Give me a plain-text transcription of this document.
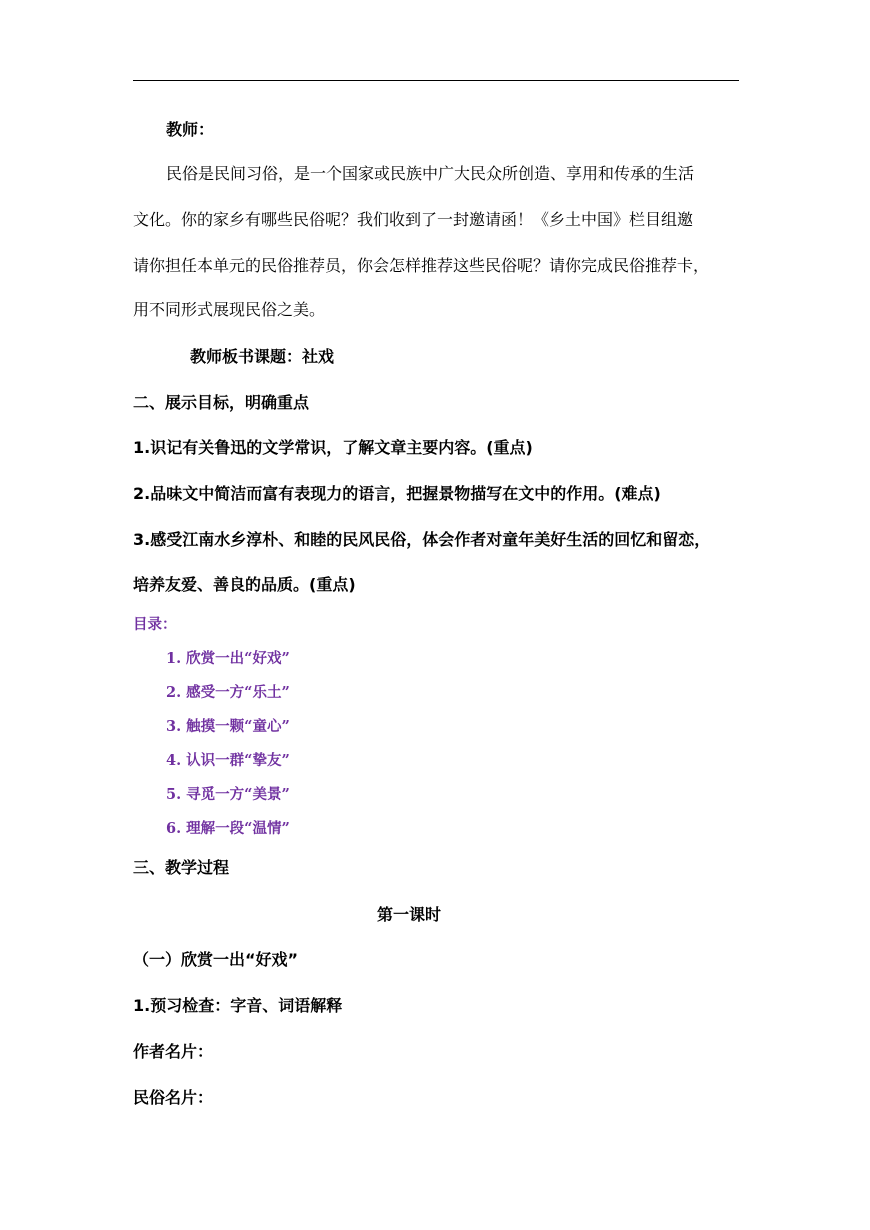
教师：
民俗是民间习俗，是一个国家或民族中广大民众所创造、享用和传承的生活
文化。你的家乡有哪些民俗呢？我们收到了一封邀请函！《乡土中国》栏目组邀
请你担任本单元的民俗推荐员，你会怎样推荐这些民俗呢？请你完成民俗推荐卡，
用不同形式展现民俗之美。
教师板书课题：社戏
二、展示目标，明确重点
1.识记有关鲁迅的文学常识，了解文章主要内容。(重点)
2.品味文中简洁而富有表现力的语言，把握景物描写在文中的作用。(难点)
3.感受江南水乡淳朴、和睦的民风民俗，体会作者对童年美好生活的回忆和留恋，
培养友爱、善良的品质。(重点)
目录：
1. 欣赏一出“好戏”
2. 感受一方“乐土”
3. 触摸一颗“童心”
4. 认识一群“挚友”
5. 寻觅一方“美景”
6. 理解一段“温情”
三、教学过程
第一课时
（一）欣赏一出“好戏”
1.预习检查：字音、词语解释
作者名片：
民俗名片：
